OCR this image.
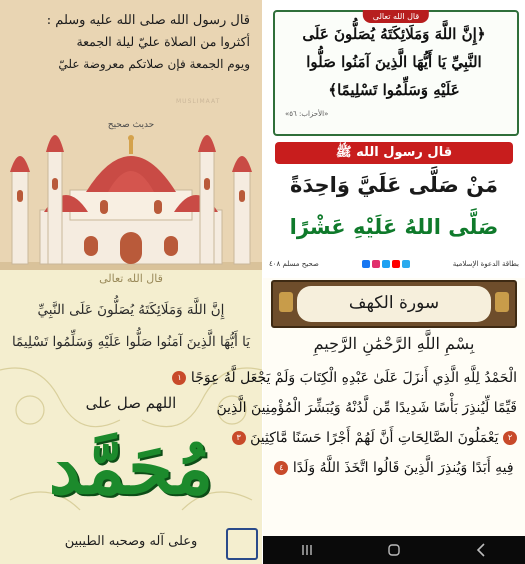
قال رسول الله صلى الله عليه وسلم :
أكثروا من الصلاة عليّ ليلة الجمعة
ويوم الجمعة فإن صلاتكم معروضة عليّ
MUSLIMAAT
حديث صحيح
قال الله تعالى
﴿إِنَّ اللَّهَ وَمَلَائِكَتَهُ يُصَلُّونَ عَلَى
النَّبِيِّ يَا أَيُّهَا الَّذِينَ آمَنُوا صَلُّوا
عَلَيْهِ وَسَلِّمُوا تَسْلِيمًا﴾
«الأحزاب: ٥٦»
قال رسول الله ﷺ
مَنْ صَلَّى عَلَيَّ وَاحِدَةً
صَلَّى اللهُ عَلَيْهِ عَشْرًا
صحيح مسلم ٤٠٨	بطاقة الدعوة الإسلامية
قال الله تعالى
إِنَّ اللَّهَ وَمَلَائِكَتَهُ يُصَلُّونَ عَلَى النَّبِيِّ
يَا أَيُّهَا الَّذِينَ آمَنُوا صَلُّوا عَلَيْهِ وَسَلِّمُوا تَسْلِيمًا
اللهم صل على
مُحَمَّد
وعلى آله وصحبه الطيبين
سورة الكهف
بِسْمِ اللَّهِ الرَّحْمَٰنِ الرَّحِيمِ
الْحَمْدُ لِلَّهِ الَّذِي أَنزَلَ عَلَىٰ عَبْدِهِ الْكِتَابَ وَلَمْ يَجْعَل لَّهُ عِوَجًا ١
قَيِّمًا لِّيُنذِرَ بَأْسًا شَدِيدًا مِّن لَّدُنْهُ وَيُبَشِّرَ الْمُؤْمِنِينَ الَّذِينَ
٢ يَعْمَلُونَ الصَّالِحَاتِ أَنَّ لَهُمْ أَجْرًا حَسَنًا مَّاكِثِينَ ٣
فِيهِ أَبَدًا وَيُنذِرَ الَّذِينَ قَالُوا اتَّخَذَ اللَّهُ وَلَدًا ٤
